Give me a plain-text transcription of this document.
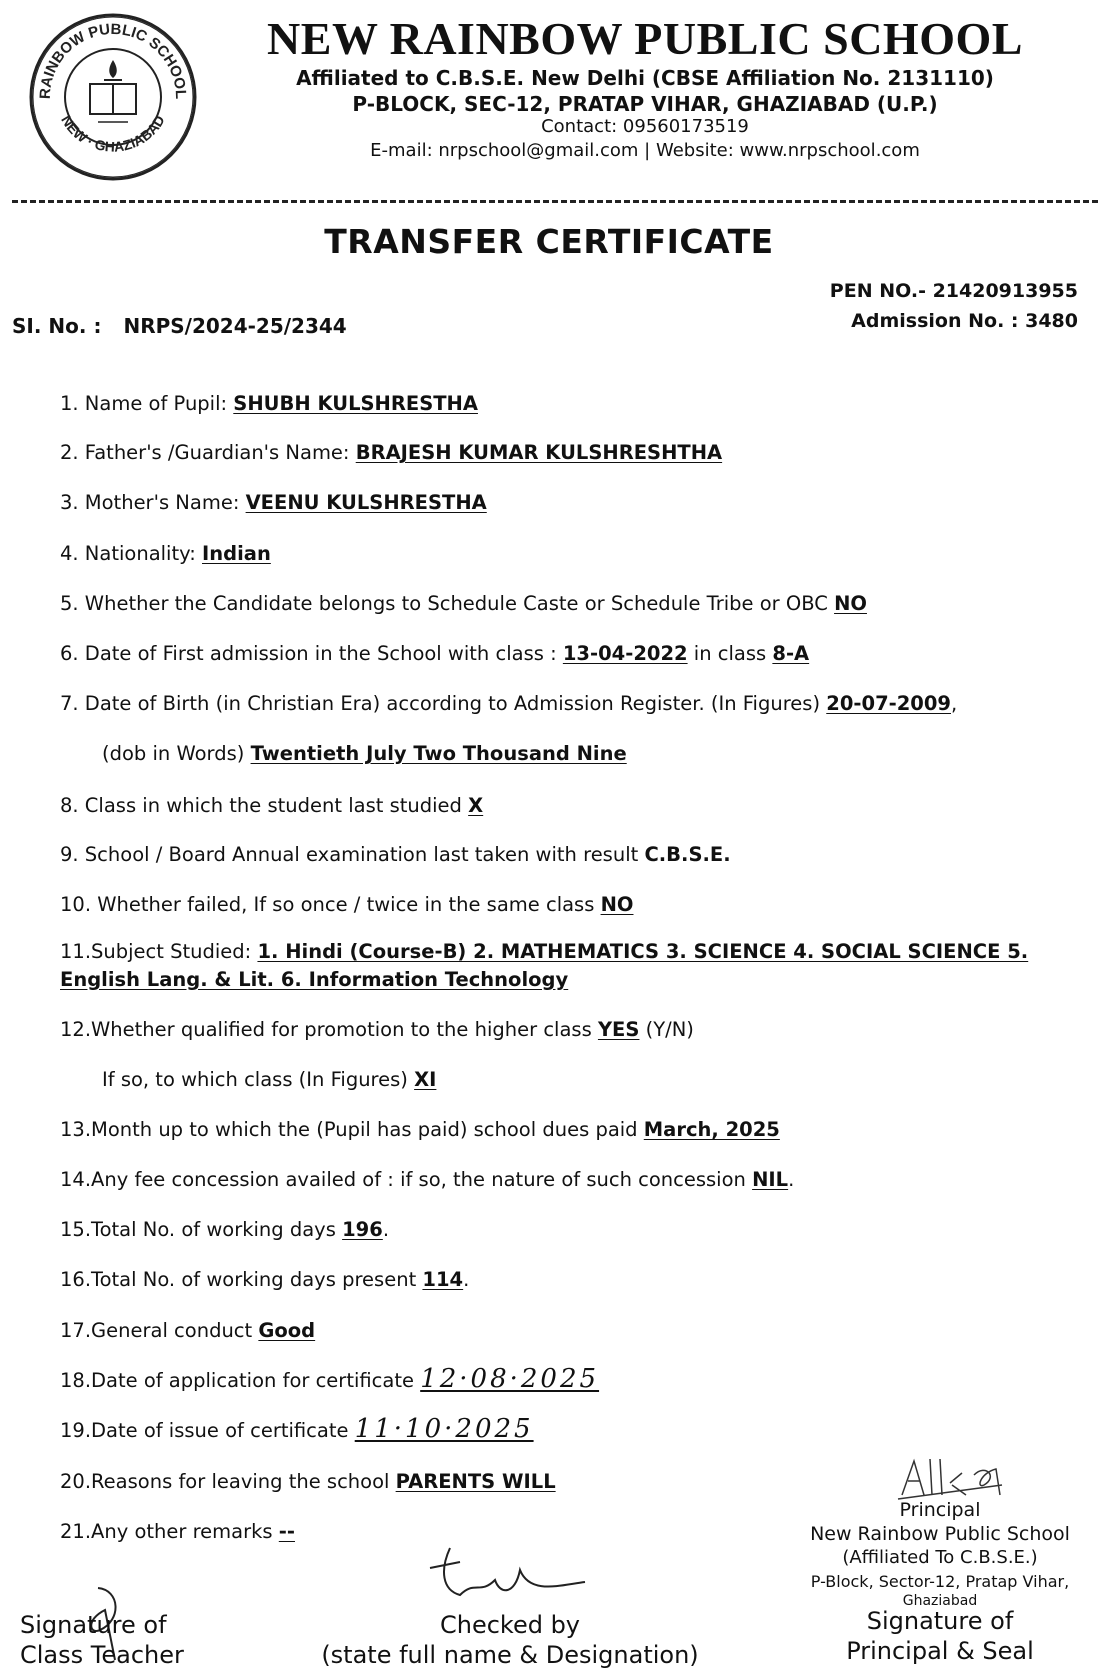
RAINBOW PUBLIC SCHOOL
NEW · GHAZIABAD
NEW RAINBOW PUBLIC SCHOOL
Affiliated to C.B.S.E. New Delhi (CBSE Affiliation No. 2131110)
P-BLOCK, SEC-12, PRATAP VIHAR, GHAZIABAD (U.P.)
Contact: 09560173519
E-mail: nrpschool@gmail.com | Website: www.nrpschool.com
TRANSFER CERTIFICATE
PEN NO.- 21420913955
Admission No. : 3480
SI. No. : NRPS/2024-25/2344
1. Name of Pupil: SHUBH KULSHRESTHA
2. Father's /Guardian's Name: BRAJESH KUMAR KULSHRESHTHA
3. Mother's Name: VEENU KULSHRESTHA
4. Nationality: Indian
5. Whether the Candidate belongs to Schedule Caste or Schedule Tribe or OBC NO
6. Date of First admission in the School with class : 13-04-2022 in class 8-A
7. Date of Birth (in Christian Era) according to Admission Register. (In Figures) 20-07-2009,
(dob in Words) Twentieth July Two Thousand Nine
8. Class in which the student last studied X
9. School / Board Annual examination last taken with result C.B.S.E.
10. Whether failed, If so once / twice in the same class NO
11.Subject Studied: 1. Hindi (Course-B) 2. MATHEMATICS 3. SCIENCE 4. SOCIAL SCIENCE 5. English Lang. & Lit. 6. Information Technology
12.Whether qualified for promotion to the higher class YES (Y/N)
If so, to which class (In Figures) XI
13.Month up to which the (Pupil has paid) school dues paid March, 2025
14.Any fee concession availed of : if so, the nature of such concession NIL.
15.Total No. of working days 196.
16.Total No. of working days present 114.
17.General conduct Good
18.Date of application for certificate 12·08·2025
19.Date of issue of certificate 11·10·2025
20.Reasons for leaving the school PARENTS WILL
21.Any other remarks --
Signature of
Class Teacher
Checked by
(state full name & Designation)
Principal
New Rainbow Public School
(Affiliated To C.B.S.E.)
P-Block, Sector-12, Pratap Vihar,
Ghaziabad
Signature of
Principal & Seal
